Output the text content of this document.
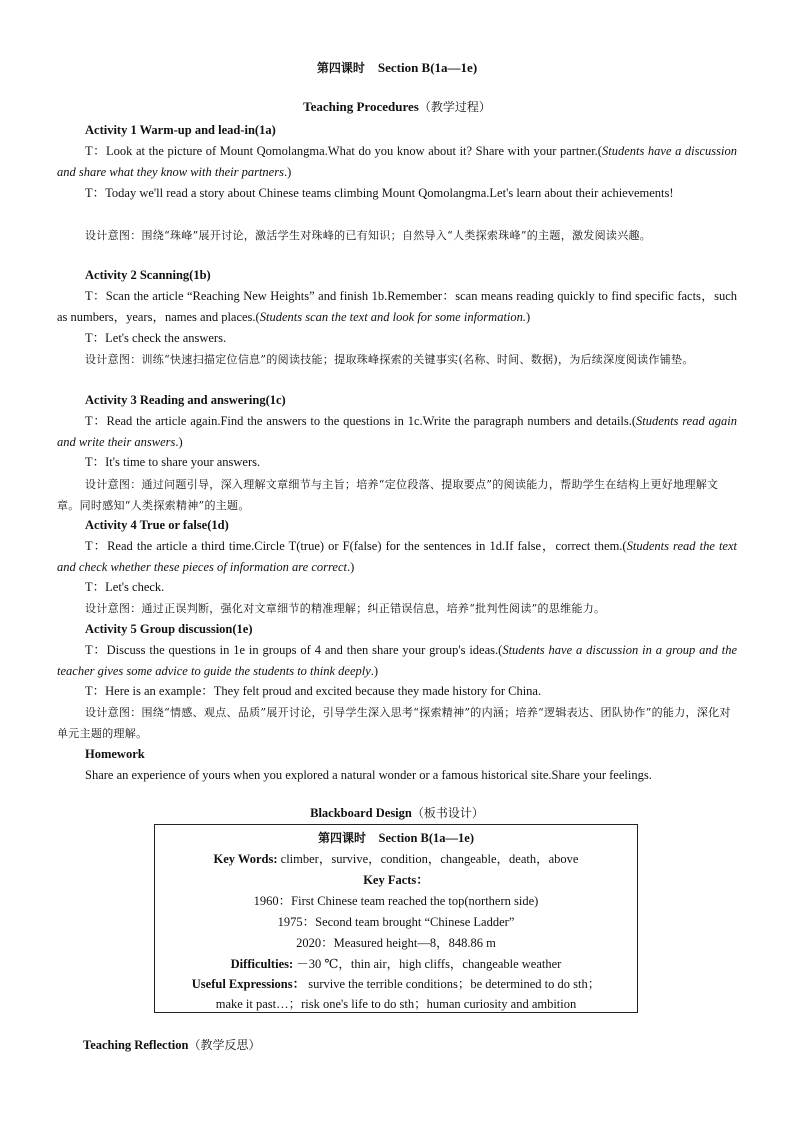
第四课时 Section B(1a—1e)
Teaching Procedures（教学过程）

Activity 1 Warm-up and lead-in(1a)

T：Look at the picture of Mount Qomolangma.What do you know about it? Share with your partner.(Students have a discussion and share what they know with their partners.)

T：Today we'll read a story about Chinese teams climbing Mount Qomolangma.Let's learn about their achievements!

设计意图：围绕“珠峰”展开讨论，激活学生对珠峰的已有知识；自然导入“人类探索珠峰”的主题，激发阅读兴趣。

Activity 2 Scanning(1b)

T：Scan the article “Reaching New Heights” and finish 1b.Remember：scan means reading quickly to find specific facts，such as numbers，years，names and places.(Students scan the text and look for some information.)

T：Let's check the answers.

设计意图：训练“快速扫描定位信息”的阅读技能；提取珠峰探索的关键事实(名称、时间、数据)，为后续深度阅读作铺垫。

Activity 3 Reading and answering(1c)

T：Read the article again.Find the answers to the questions in 1c.Write the paragraph numbers and details.(Students read again and write their answers.)

T：It's time to share your answers.

设计意图：通过问题引导，深入理解文章细节与主旨；培养“定位段落、提取要点”的阅读能力，帮助学生在结构上更好地理解文章。同时感知“人类探索精神”的主题。

Activity 4 True or false(1d)

T：Read the article a third time.Circle T(true) or F(false) for the sentences in 1d.If false，correct them.(Students read the text and check whether these pieces of information are correct.)

T：Let's check.

设计意图：通过正误判断，强化对文章细节的精准理解；纠正错误信息，培养“批判性阅读”的思维能力。

Activity 5 Group discussion(1e)

T：Discuss the questions in 1e in groups of 4 and then share your group's ideas.(Students have a discussion in a group and the teacher gives some advice to guide the students to think deeply.)

T：Here is an example：They felt proud and excited because they made history for China.

设计意图：围绕“情感、观点、品质”展开讨论，引导学生深入思考“探索精神”的内涵；培养“逻辑表达、团队协作”的能力，深化对单元主题的理解。

Homework

Share an experience of yours when you explored a natural wonder or a famous historical site.Share your feelings.

Blackboard Design（板书设计）
第四课时 Section B(1a—1e)
Key Words: climber，survive，condition，changeable，death，above
Key Facts：
1960：First Chinese team reached the top(northern side)
1975：Second team brought “Chinese Ladder”
2020：Measured height—8，848.86 m
Difficulties: －30 ℃，thin air，high cliffs，changeable weather
Useful Expressions： survive the terrible conditions；be determined to do sth；
make it past…；risk one's life to do sth；human curiosity and ambition

Teaching Reflection（教学反思）
